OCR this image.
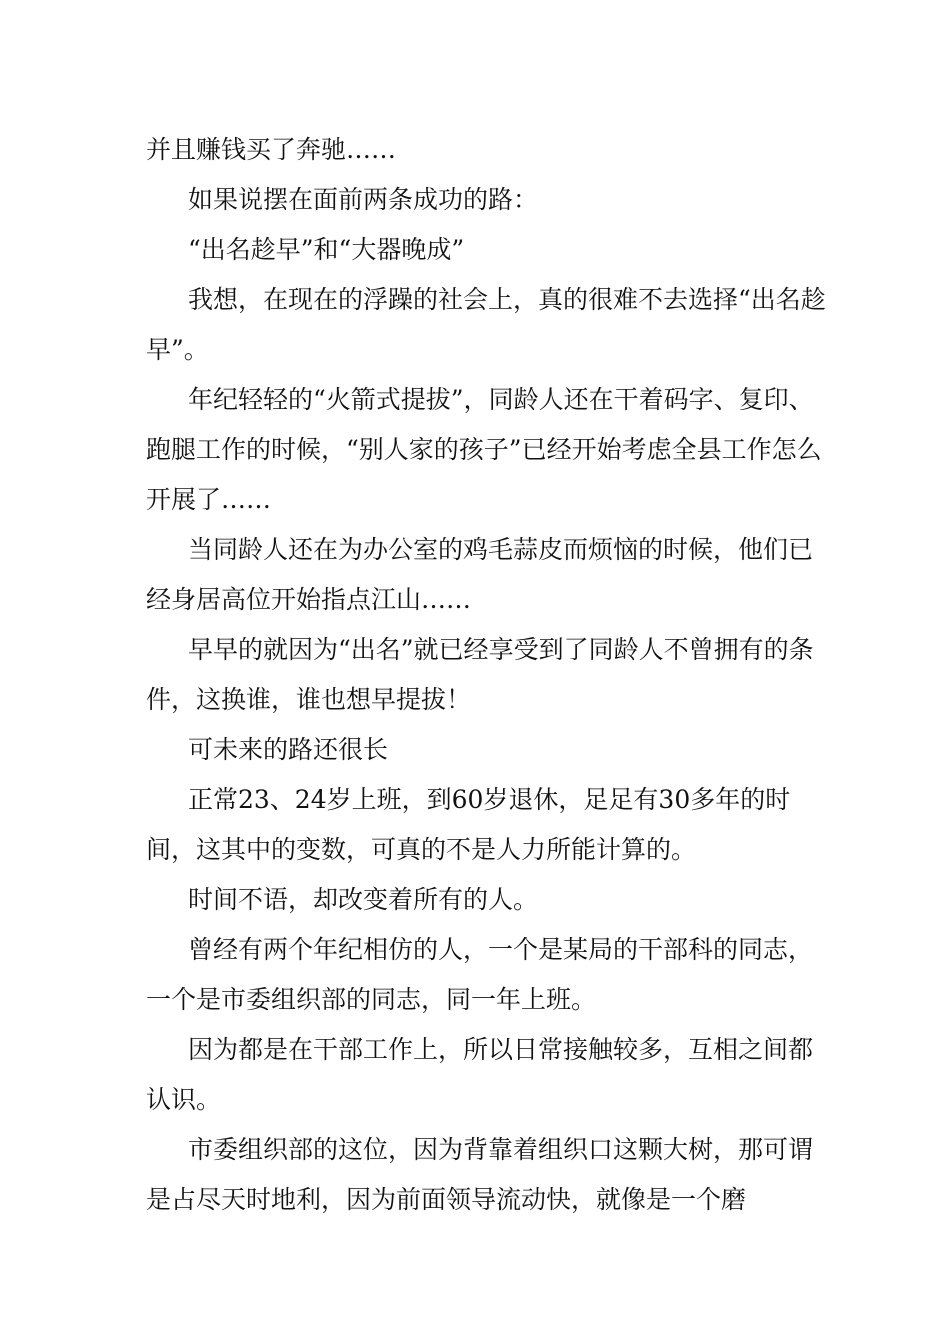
并且赚钱买了奔驰……

如果说摆在面前两条成功的路：

“出名趁早”和“大器晚成”

我想，在现在的浮躁的社会上，真的很难不去选择“出名趁早”。

年纪轻轻的“火箭式提拔”，同龄人还在干着码字、复印、跑腿工作的时候，“别人家的孩子”已经开始考虑全县工作怎么开展了……

当同龄人还在为办公室的鸡毛蒜皮而烦恼的时候，他们已经身居高位开始指点江山……

早早的就因为“出名”就已经享受到了同龄人不曾拥有的条件，这换谁，谁也想早提拔！

可未来的路还很长

正常23、24岁上班，到60岁退休，足足有30多年的时间，这其中的变数，可真的不是人力所能计算的。

时间不语，却改变着所有的人。

曾经有两个年纪相仿的人，一个是某局的干部科的同志，一个是市委组织部的同志，同一年上班。

因为都是在干部工作上，所以日常接触较多，互相之间都认识。

市委组织部的这位，因为背靠着组织口这颗大树，那可谓是占尽天时地利，因为前面领导流动快，就像是一个磨
